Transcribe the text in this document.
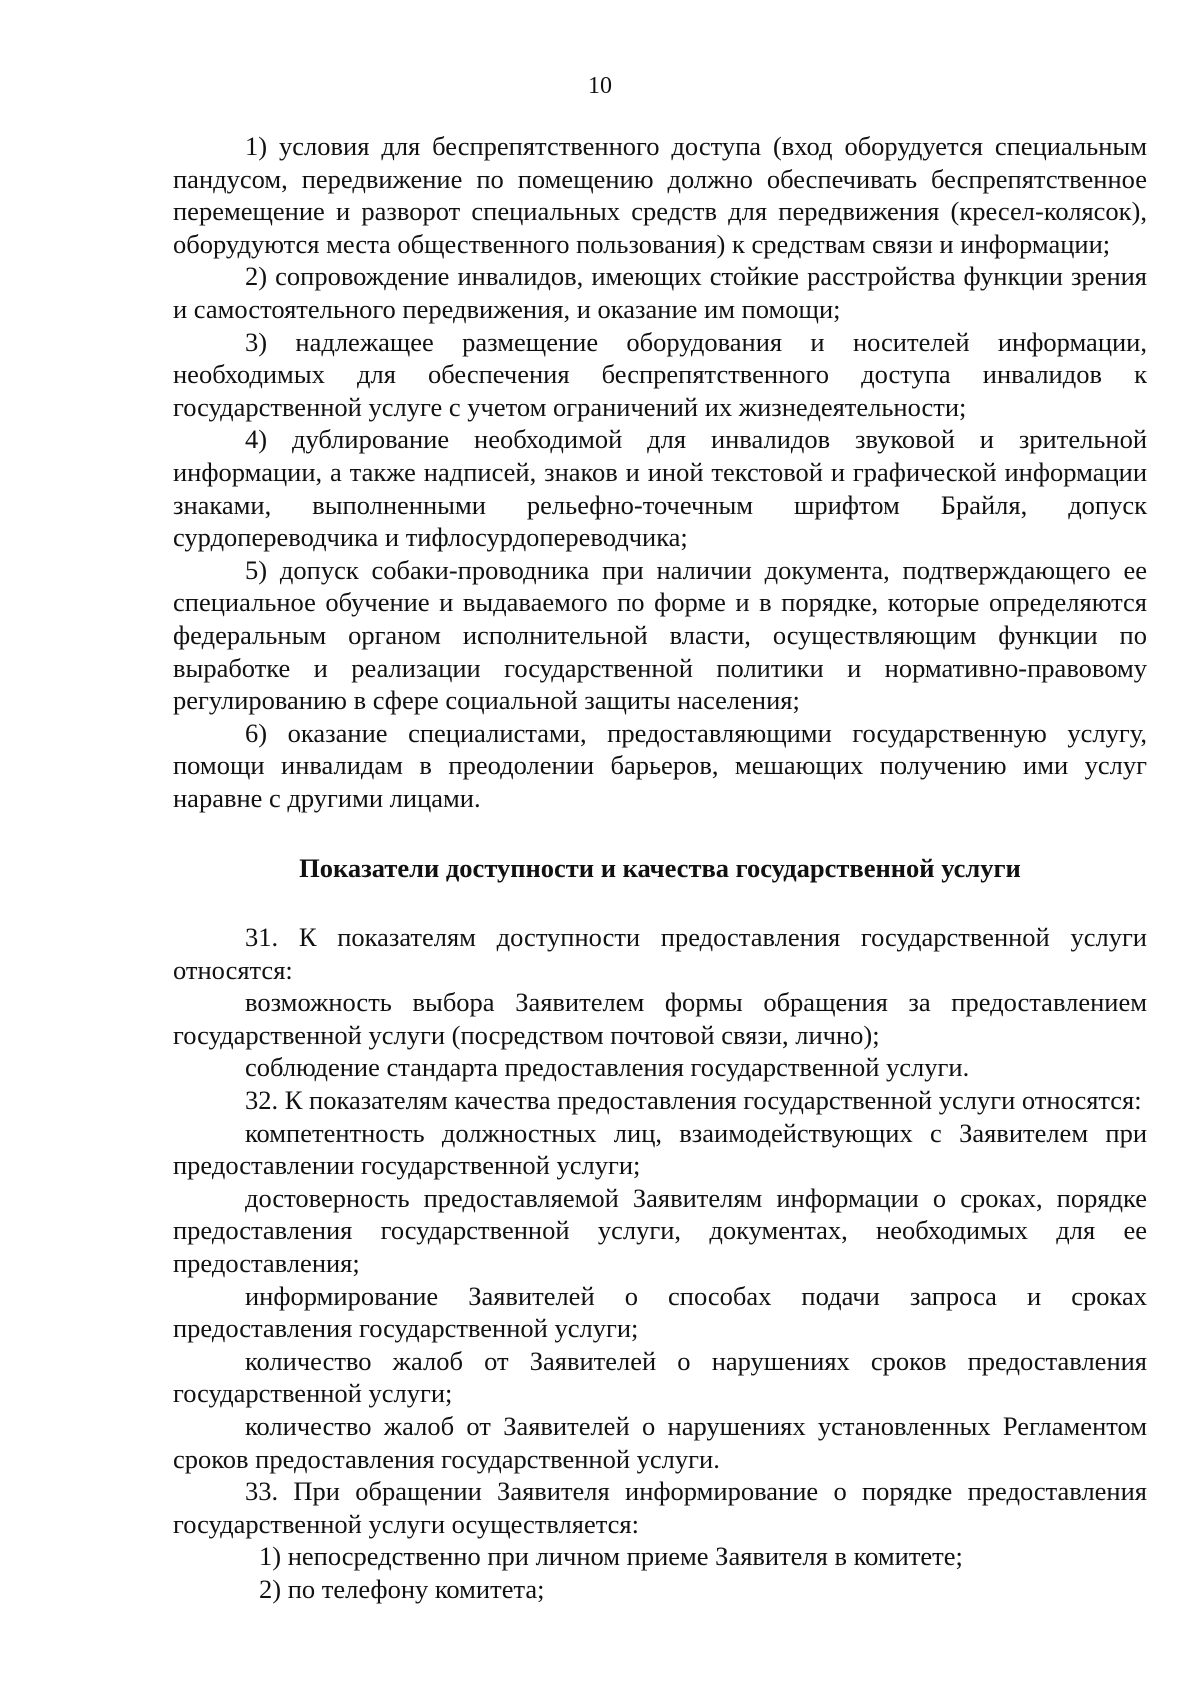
10

1) условия для беспрепятственного доступа (вход оборудуется специальным пандусом, передвижение по помещению должно обеспечивать беспрепятственное перемещение и разворот специальных средств для передвижения (кресел-колясок), оборудуются места общественного пользования) к средствам связи и информации;

2) сопровождение инвалидов, имеющих стойкие расстройства функции зрения и самостоятельного передвижения, и оказание им помощи;

3) надлежащее размещение оборудования и носителей информации, необходимых для обеспечения беспрепятственного доступа инвалидов к государственной услуге с учетом ограничений их жизнедеятельности;

4) дублирование необходимой для инвалидов звуковой и зрительной информации, а также надписей, знаков и иной текстовой и графической информации знаками, выполненными рельефно-точечным шрифтом Брайля, допуск сурдопереводчика и тифлосурдопереводчика;

5) допуск собаки-проводника при наличии документа, подтверждающего ее специальное обучение и выдаваемого по форме и в порядке, которые определяются федеральным органом исполнительной власти, осуществляющим функции по выработке и реализации государственной политики и нормативно-правовому регулированию в сфере социальной защиты населения;

6) оказание специалистами, предоставляющими государственную услугу, помощи инвалидам в преодолении барьеров, мешающих получению ими услуг наравне с другими лицами.

Показатели доступности и качества государственной услуги

31. К показателям доступности предоставления государственной услуги относятся:

возможность выбора Заявителем формы обращения за предоставлением государственной услуги (посредством почтовой связи, лично);

соблюдение стандарта предоставления государственной услуги.

32. К показателям качества предоставления государственной услуги относятся:

компетентность должностных лиц, взаимодействующих с Заявителем при предоставлении государственной услуги;

достоверность предоставляемой Заявителям информации о сроках, порядке предоставления государственной услуги, документах, необходимых для ее предоставления;

информирование Заявителей о способах подачи запроса и сроках предоставления государственной услуги;

количество жалоб от Заявителей о нарушениях сроков предоставления государственной услуги;

количество жалоб от Заявителей о нарушениях установленных Регламентом сроков предоставления государственной услуги.

33. При обращении Заявителя информирование о порядке предоставления государственной услуги осуществляется:

1) непосредственно при личном приеме Заявителя в комитете;

2) по телефону комитета;
